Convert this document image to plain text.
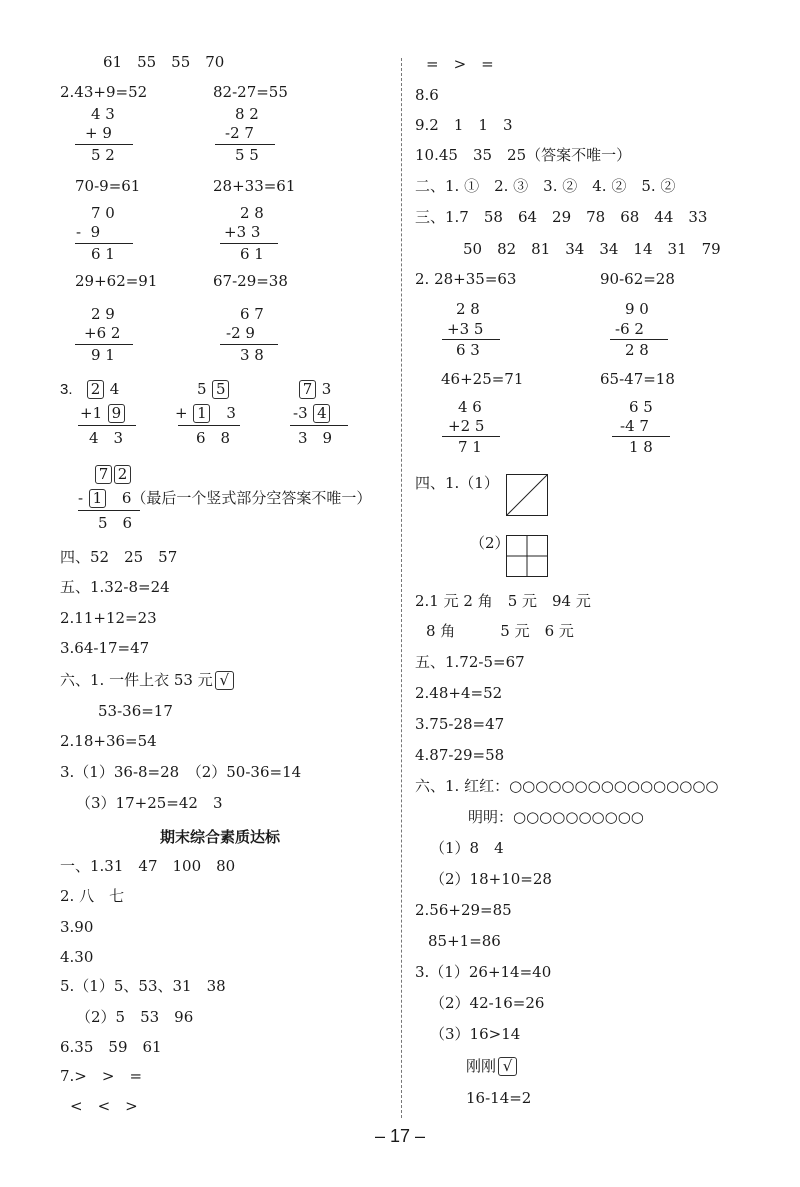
61　55　55　70
2.43+9=52	82-27=55
4 3
+ 9
5 2
8 2
-2 7
5 5
70-9=61	28+33=61
7 0
-  9
6 1
2 8
+3 3
6 1
29+62=91	67-29=38
2 9
+6 2
9 1
6 7
-2 9
3 8
3.	2 4
+1 9
4　3
5 5
+ 1　 3
6　8
7 3
-3 4
3　9
7 2
- 1　 6（最后一个竖式部分空答案不唯一）
5　6
四、52　25　57
五、1.32-8=24
2.11+12=23
3.64-17=47
六、1. 一件上衣 53 元 √
53-36=17
2.18+36=54
3.（1）36-8=28　（2）50-36=14
（3）17+25=42　3
期末综合素质达标
一、1.31　47　100　80
2. 八　七
3.90
4.30
5.（1）5、53、31　38
（2）5　53　96
6.35　59　61
7.>　>　=
<　<　>
=　>　=
8.6
9.2　1　1　3
10.45　35　25（答案不唯一）
二、1. ①　2. ③　3. ②　4. ②　5. ②
三、1.7　58　64　29　78　68　44　33
50　82　81　34　34　14　31　79
2. 28+35=63	90-62=28
2 8
+3 5
6 3
9 0
-6 2
2 8
46+25=71	65-47=18
4 6
+2 5
7 1
6 5
-4 7
1 8
四、1.（1）
（2）
2.1 元 2 角　5 元　94 元
8 角　　　5 元　6 元
五、1.72-5=67
2.48+4=52
3.75-28=47
4.87-29=58
六、1. 红红：○○○○○○○○○○○○○○○○
明明：○○○○○○○○○○
（1）8　4
（2）18+10=28
2.56+29=85
85+1=86
3.（1）26+14=40
（2）42-16=26
（3）16>14
刚刚 √
16-14=2
– 17 –
